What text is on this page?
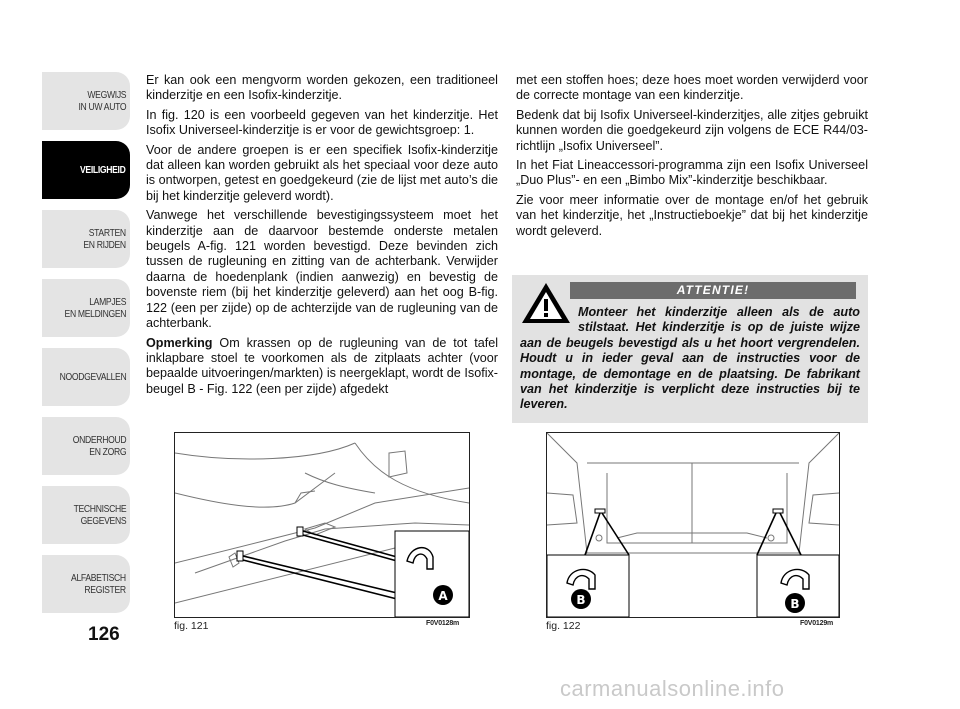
WEGWIJS
IN UW AUTO
VEILIGHEID
STARTEN
EN RIJDEN
LAMPJES
EN MELDINGEN
NOODGEVALLEN
ONDERHOUD
EN ZORG
TECHNISCHE
GEGEVENS
ALFABETISCH
REGISTER
126

Er kan ook een mengvorm worden gekozen, een traditioneel kinderzitje en een Isofix-kinderzitje.

In fig. 120 is een voorbeeld gegeven van het kinderzitje. Het Isofix Universeel-kinderzitje is er voor de gewichtsgroep: 1.

Voor de andere groepen is er een specifiek Isofix-kinderzitje dat alleen kan worden gebruikt als het speciaal voor deze auto is ontworpen, getest en goedgekeurd (zie de lijst met auto’s die bij het kinderzitje geleverd wordt).

Vanwege het verschillende bevestigingssysteem moet het kinderzitje aan de daarvoor bestemde onderste metalen beugels A-fig. 121 worden bevestigd. Deze bevinden zich tussen de rugleuning en zitting van de achterbank. Verwijder daarna de hoedenplank (indien aanwezig) en bevestig de bovenste riem (bij het kinderzitje geleverd) aan het oog B-fig. 122 (een per zijde) op de achterzijde van de rugleuning van de achterbank.

Opmerking Om krassen op de rugleuning van de tot tafel inklapbare stoel te voorkomen als de zitplaats achter (voor bepaalde uitvoeringen/markten) is neergeklapt, wordt de Isofix-beugel B - Fig. 122 (een per zijde) afgedekt

met een stoffen hoes; deze hoes moet worden verwijderd voor de correcte montage van een kinderzitje.

Bedenk dat bij Isofix Universeel-kinderzitjes, alle zitjes gebruikt kunnen worden die goedgekeurd zijn volgens de ECE R44/03-richtlijn „Isofix Universeel”.

In het Fiat Lineaccessori-programma zijn een Isofix Universeel „Duo Plus”- en een „Bimbo Mix”-kinderzitje beschikbaar.

Zie voor meer informatie over de montage en/of het gebruik van het kinderzitje, het „Instructieboekje” dat bij het kinderzitje wordt geleverd.

ATTENTIE!
Monteer het kinderzitje alleen als de auto stilstaat. Het kinderzitje is op de juiste wijze aan de beugels bevestigd als u het hoort vergrendelen. Houdt u in ieder geval aan de instructies voor de montage, de demontage en de plaatsing. De fabrikant van het kinderzitje is verplicht deze instructies bij te leveren.
A
fig. 121	F0V0128m
B	B
fig. 122	F0V0129m
carmanualsonline.info
